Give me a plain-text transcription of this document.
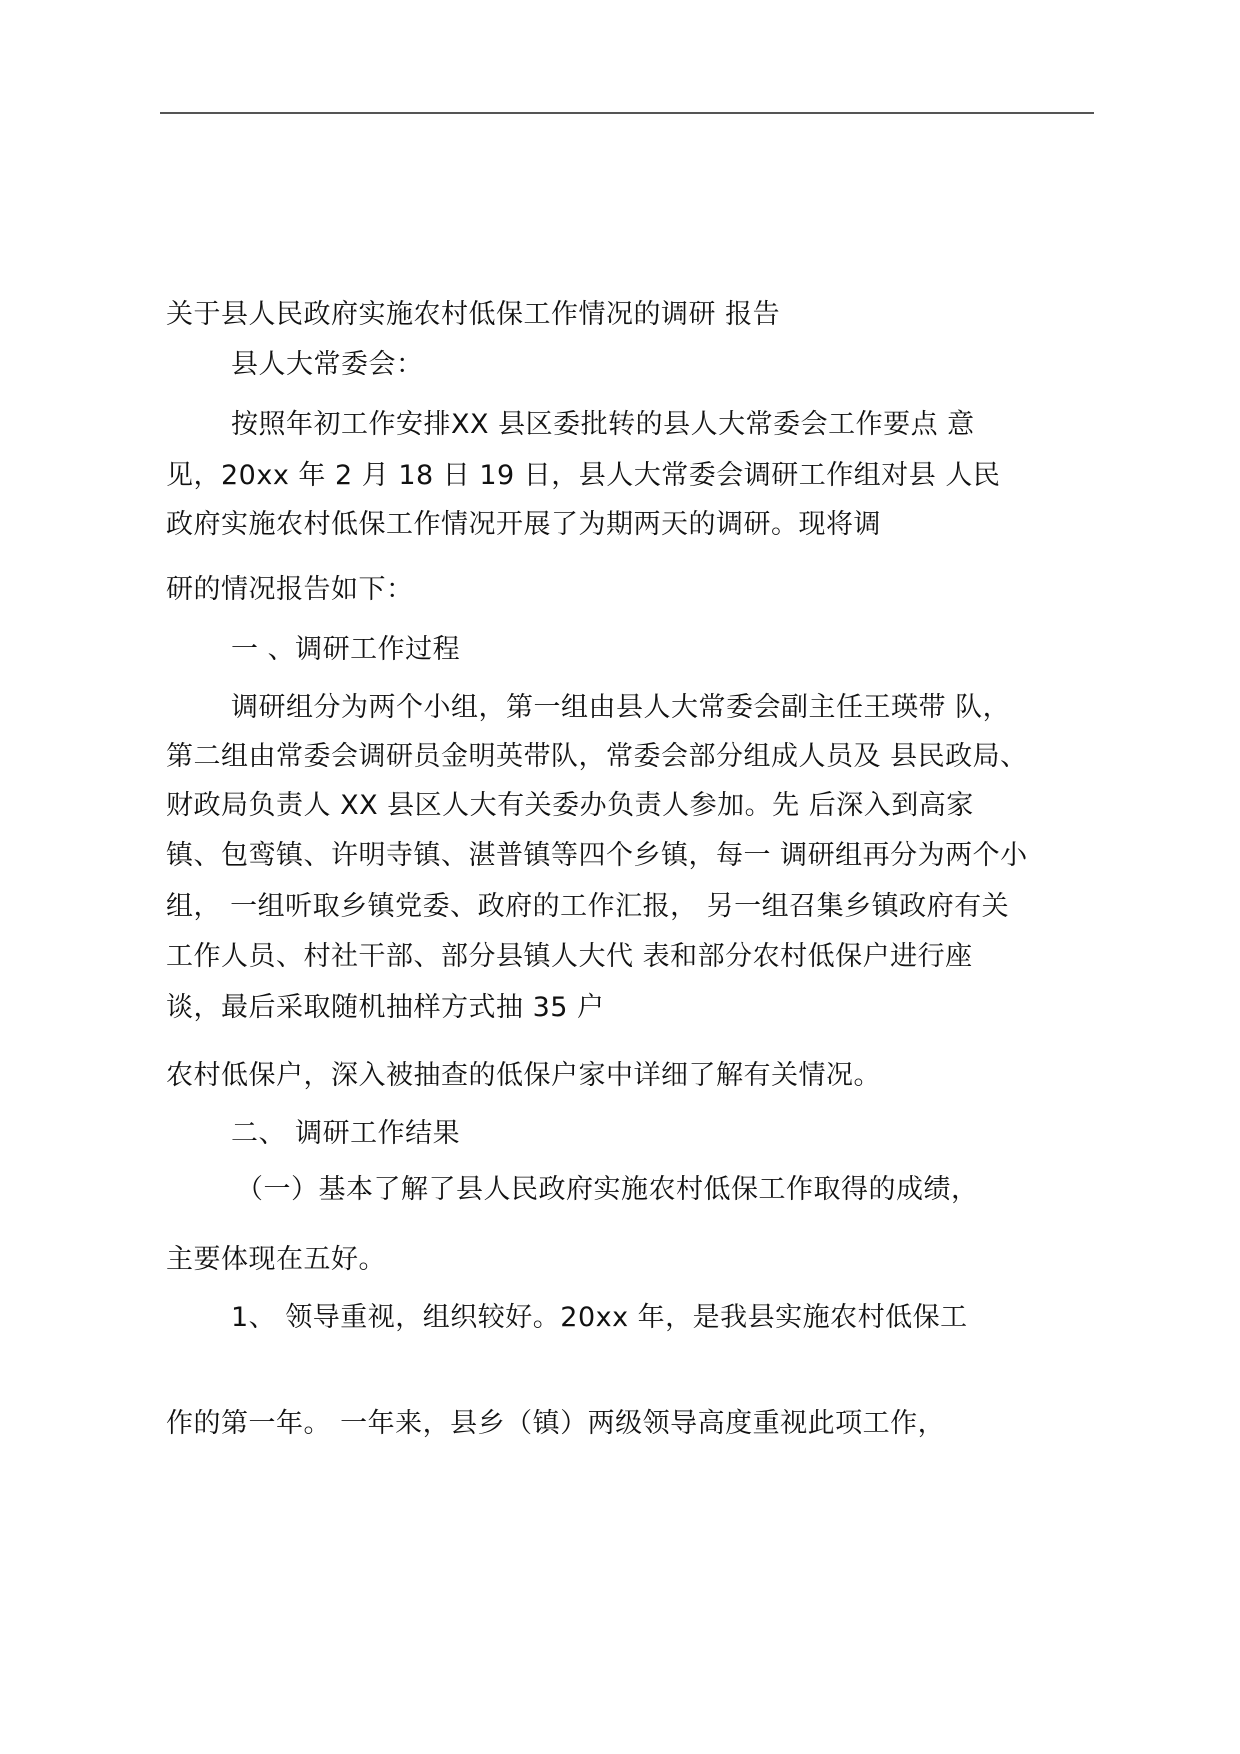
关于县人民政府实施农村低保工作情况的调研 报告
县人大常委会：
按照年初工作安排XX 县区委批转的县人大常委会工作要点 意
见，20xx 年 2 月 18 日 19 日，县人大常委会调研工作组对县 人民
政府实施农村低保工作情况开展了为期两天的调研。现将调
研的情况报告如下：
一 、调研工作过程
调研组分为两个小组，第一组由县人大常委会副主任王瑛带 队，
第二组由常委会调研员金明英带队，常委会部分组成人员及 县民政局、
财政局负责人 XX 县区人大有关委办负责人参加。先 后深入到高家
镇、包鸾镇、许明寺镇、湛普镇等四个乡镇，每一 调研组再分为两个小
组， 一组听取乡镇党委、政府的工作汇报， 另一组召集乡镇政府有关
工作人员、村社干部、部分县镇人大代 表和部分农村低保户进行座
谈，最后采取随机抽样方式抽 35 户
农村低保户，深入被抽查的低保户家中详细了解有关情况。
二、 调研工作结果
（一）基本了解了县人民政府实施农村低保工作取得的成绩，
主要体现在五好。
1、 领导重视，组织较好。20xx 年，是我县实施农村低保工
作的第一年。 一年来，县乡（镇）两级领导高度重视此项工作，
